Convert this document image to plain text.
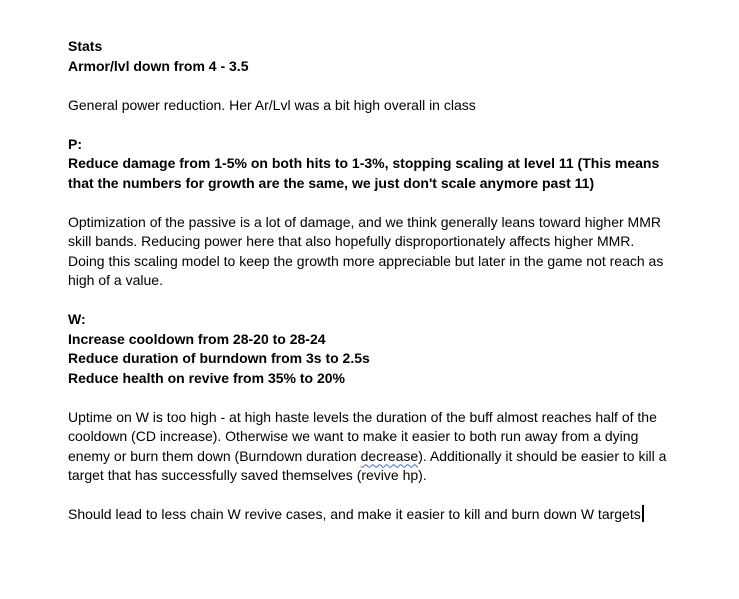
Stats

Armor/lvl down from 4 - 3.5

General power reduction. Her Ar/Lvl was a bit high overall in class

P:

Reduce damage from 1-5% on both hits to 1-3%, stopping scaling at level 11 (This means

that the numbers for growth are the same, we just don't scale anymore past 11)

Optimization of the passive is a lot of damage, and we think generally leans toward higher MMR

skill bands. Reducing power here that also hopefully disproportionately affects higher MMR.

Doing this scaling model to keep the growth more appreciable but later in the game not reach as

high of a value.

W:

Increase cooldown from 28-20 to 28-24

Reduce duration of burndown from 3s to 2.5s

Reduce health on revive from 35% to 20%

Uptime on W is too high - at high haste levels the duration of the buff almost reaches half of the

cooldown (CD increase). Otherwise we want to make it easier to both run away from a dying

enemy or burn them down (Burndown duration decrease). Additionally it should be easier to kill a

target that has successfully saved themselves (revive hp).

Should lead to less chain W revive cases, and make it easier to kill and burn down W targets
